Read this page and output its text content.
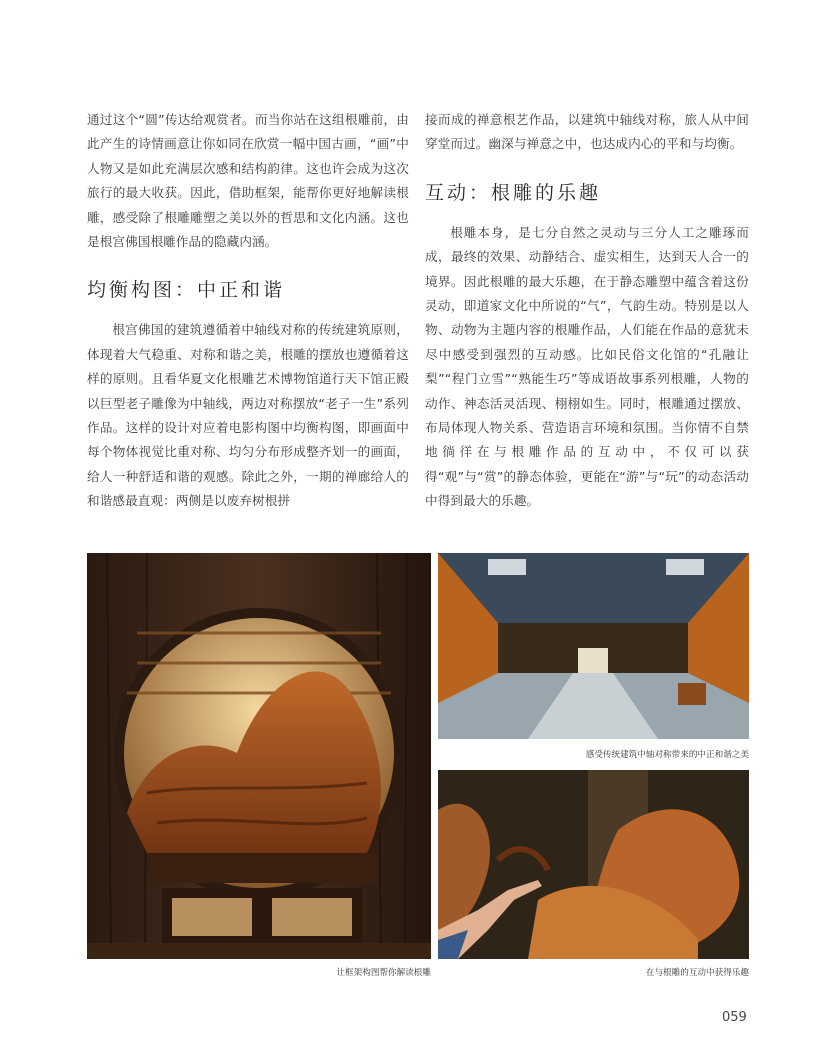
通过这个“圆”传达给观赏者。而当你站在这组根雕前，由此产生的诗情画意让你如同在欣赏一幅中国古画，“画”中人物又是如此充满层次感和结构韵律。这也许会成为这次旅行的最大收获。因此，借助框架，能帮你更好地解读根雕，感受除了根雕雕塑之美以外的哲思和文化内涵。这也是根宫佛国根雕作品的隐藏内涵。

均衡构图：中正和谐

根宫佛国的建筑遵循着中轴线对称的传统建筑原则，体现着大气稳重、对称和谐之美，根雕的摆放也遵循着这样的原则。且看华夏文化根雕艺术博物馆道行天下馆正殿以巨型老子雕像为中轴线，两边对称摆放“老子一生”系列作品。这样的设计对应着电影构图中均衡构图，即画面中每个物体视觉比重对称、均匀分布形成整齐划一的画面，给人一种舒适和谐的观感。除此之外，一期的禅廊给人的和谐感最直观：两侧是以废弃树根拼

接而成的禅意根艺作品，以建筑中轴线对称，旅人从中间穿堂而过。幽深与禅意之中，也达成内心的平和与均衡。

互动：根雕的乐趣

根雕本身，是七分自然之灵动与三分人工之雕琢而成，最终的效果、动静结合、虚实相生，达到天人合一的境界。因此根雕的最大乐趣，在于静态雕塑中蕴含着这份灵动，即道家文化中所说的“气”，气韵生动。特别是以人物、动物为主题内容的根雕作品，人们能在作品的意犹未尽中感受到强烈的互动感。比如民俗文化馆的“孔融让梨”“程门立雪”“熟能生巧”等成语故事系列根雕，人物的动作、神态活灵活现、栩栩如生。同时，根雕通过摆放、布局体现人物关系、营造语言环境和氛围。当你情不自禁地徜徉在与根雕作品的互动中，不仅可以获得“观”与“赏”的静态体验，更能在“游”与“玩”的动态活动中得到最大的乐趣。

让框架构图帮你解读根雕
感受传统建筑中轴对称带来的中正和谐之美
在与根雕的互动中获得乐趣
059
